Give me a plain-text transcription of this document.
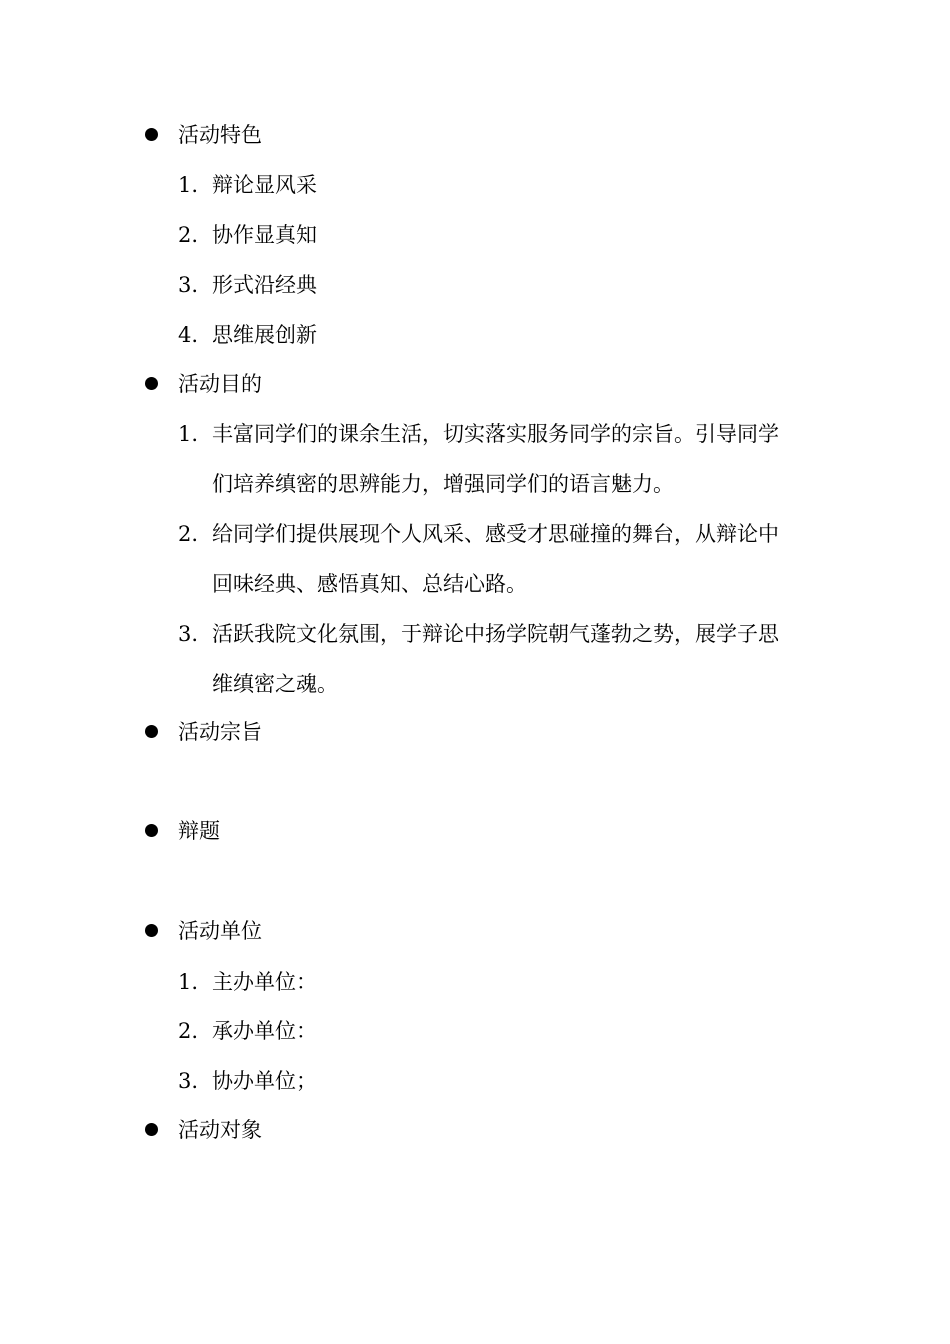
活动特色
1. 辩论显风采
2. 协作显真知
3. 形式沿经典
4. 思维展创新
活动目的
1. 丰富同学们的课余生活，切实落实服务同学的宗旨。引导同学
们培养缜密的思辨能力，增强同学们的语言魅力。
2. 给同学们提供展现个人风采、感受才思碰撞的舞台，从辩论中
回味经典、感悟真知、总结心路。
3. 活跃我院文化氛围，于辩论中扬学院朝气蓬勃之势，展学子思
维缜密之魂。
活动宗旨
辩题
活动单位
1. 主办单位：
2. 承办单位：
3. 协办单位；
活动对象
